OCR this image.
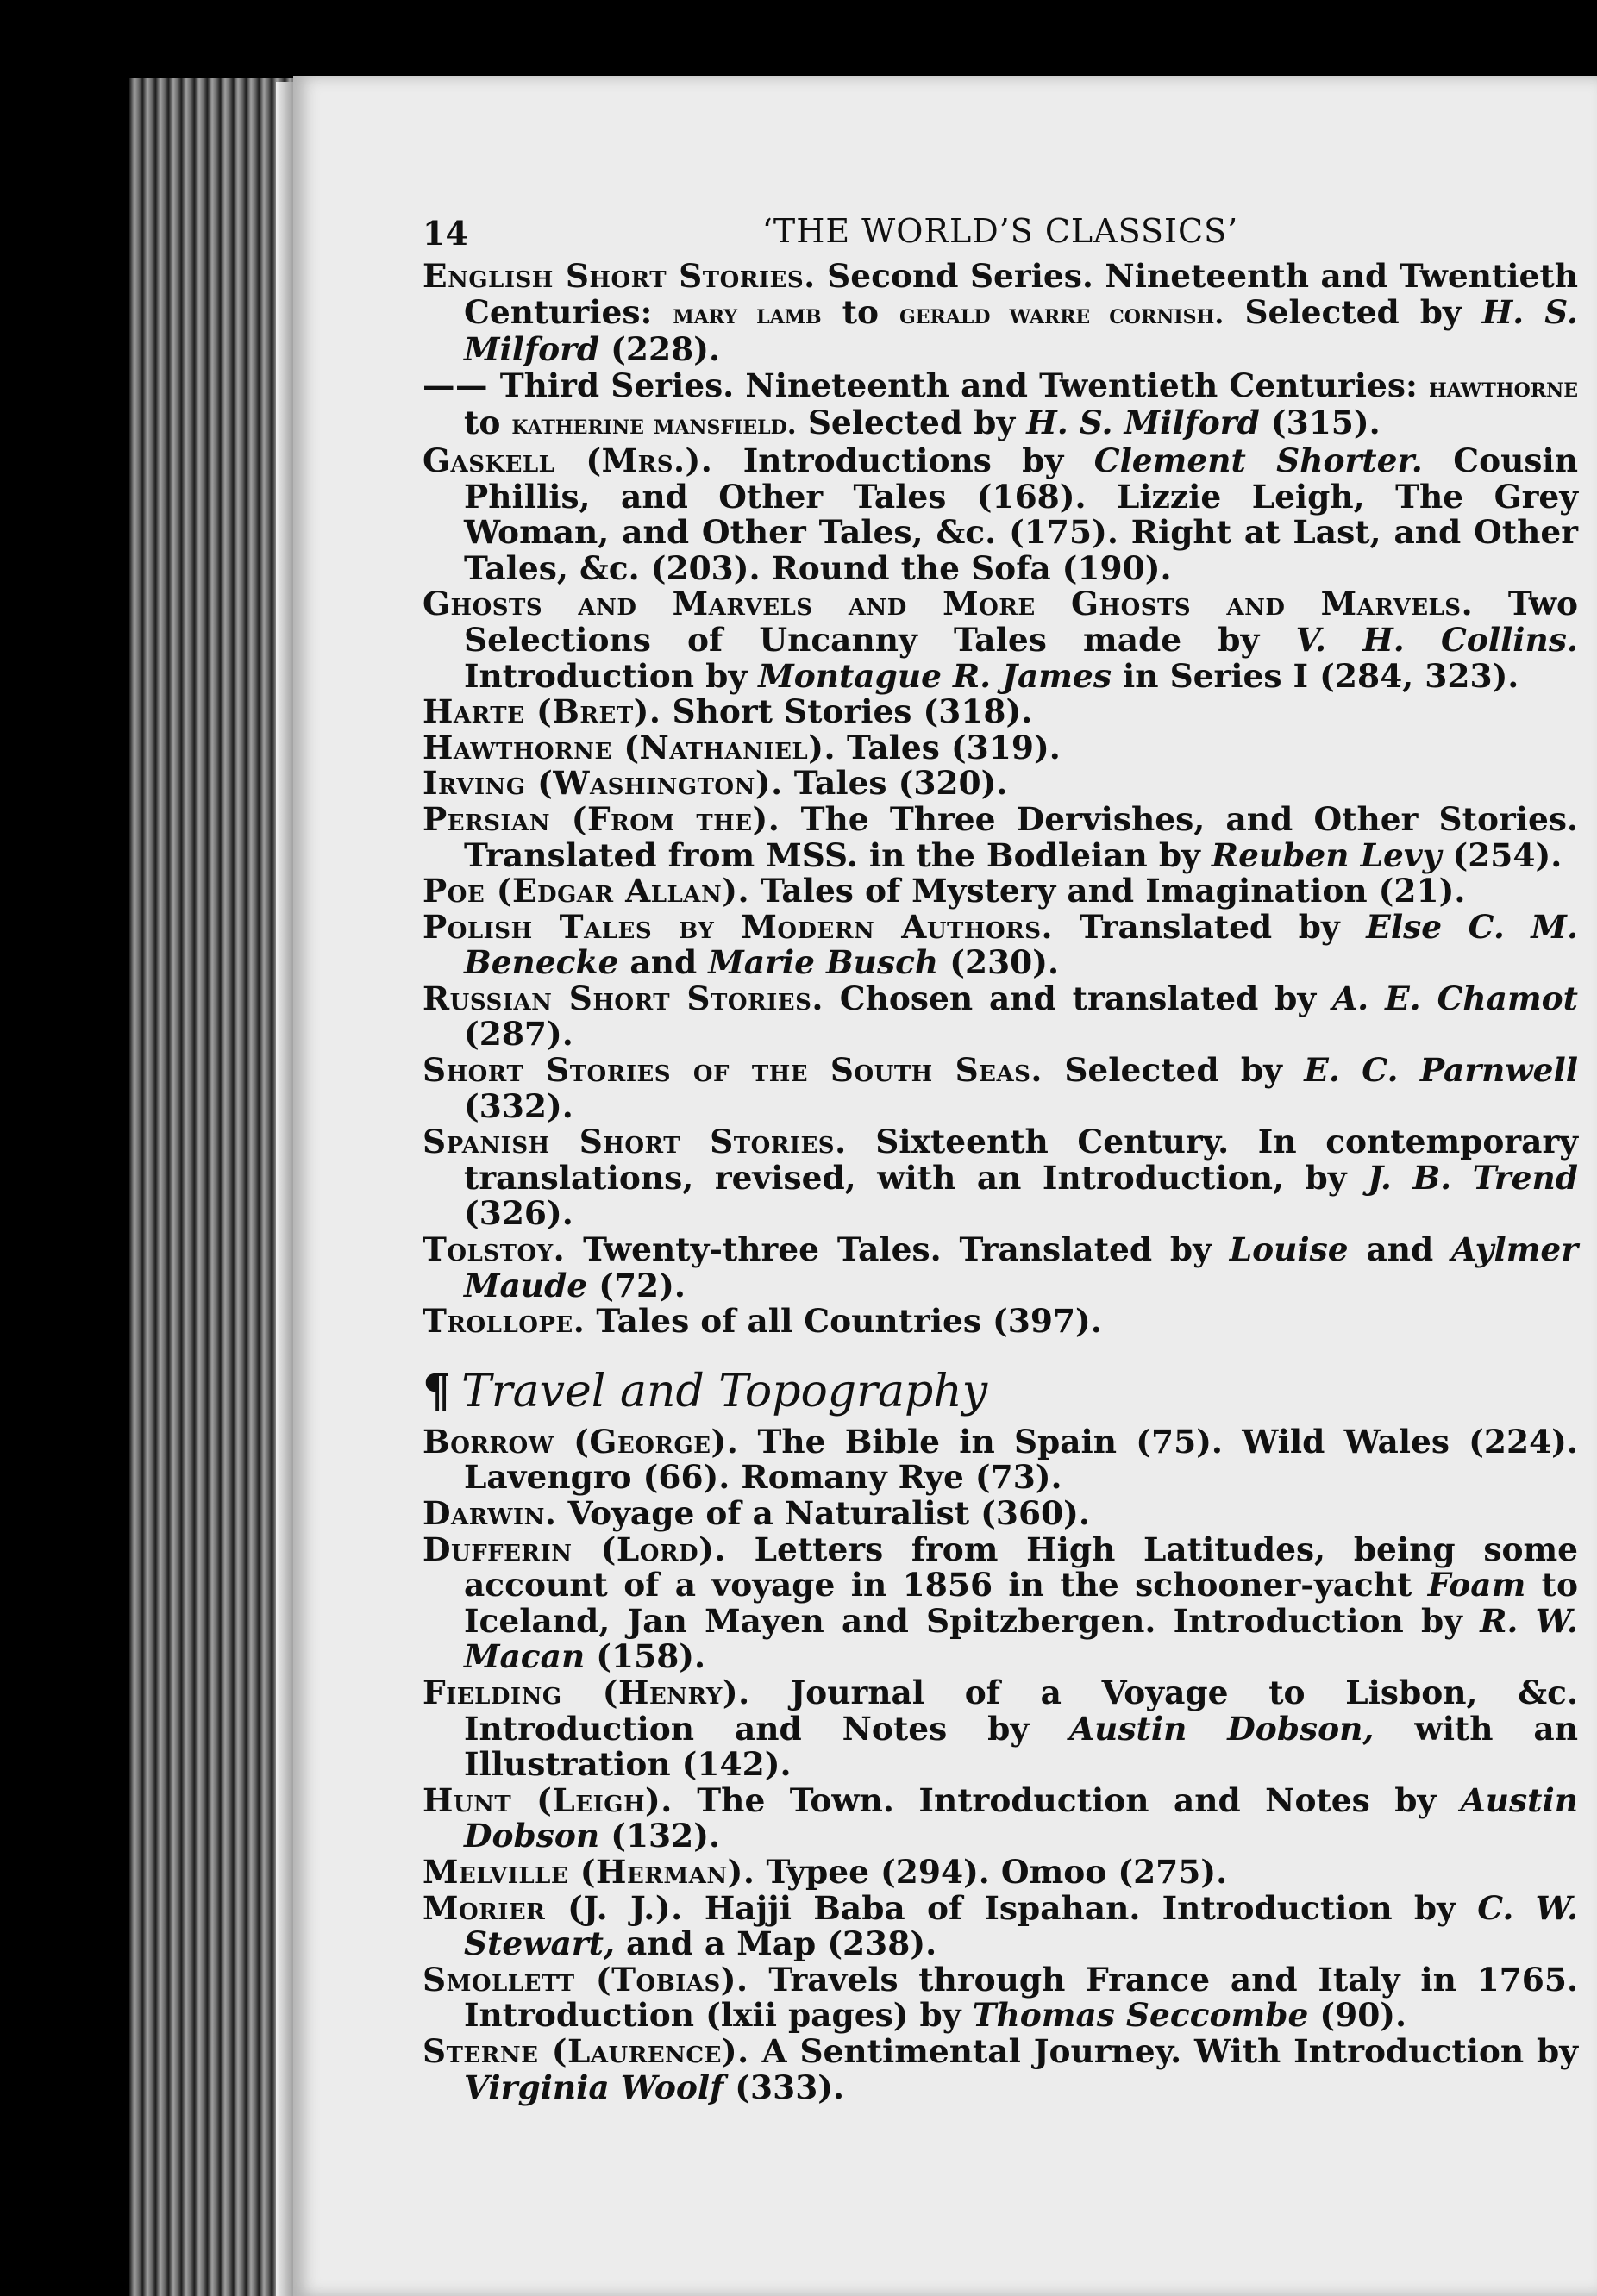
14	‘THE WORLD’S CLASSICS’

English Short Stories. Second Series. Nineteenth and Twentieth Centuries: mary lamb to gerald warre cornish. Selected by H. S. Milford (228).

—— Third Series. Nineteenth and Twentieth Centuries: hawthorne to katherine mansfield. Selected by H. S. Milford (315).

Gaskell (Mrs.). Introductions by Clement Shorter. Cousin Phillis, and Other Tales (168). Lizzie Leigh, The Grey Woman, and Other Tales, &c. (175). Right at Last, and Other Tales, &c. (203). Round the Sofa (190).

Ghosts and Marvels and More Ghosts and Marvels. Two Selections of Uncanny Tales made by V. H. Collins. Introduction by Montague R. James in Series I (284, 323).

Harte (Bret). Short Stories (318).

Hawthorne (Nathaniel). Tales (319).

Irving (Washington). Tales (320).

Persian (From the). The Three Dervishes, and Other Stories. Translated from MSS. in the Bodleian by Reuben Levy (254).

Poe (Edgar Allan). Tales of Mystery and Imagination (21).

Polish Tales by Modern Authors. Translated by Else C. M. Benecke and Marie Busch (230).

Russian Short Stories. Chosen and translated by A. E. Chamot (287).

Short Stories of the South Seas. Selected by E. C. Parnwell (332).

Spanish Short Stories. Sixteenth Century. In contemporary translations, revised, with an Introduction, by J. B. Trend (326).

Tolstoy. Twenty-three Tales. Translated by Louise and Aylmer Maude (72).

Trollope. Tales of all Countries (397).

¶ Travel and Topography

Borrow (George). The Bible in Spain (75). Wild Wales (224). Lavengro (66). Romany Rye (73).

Darwin. Voyage of a Naturalist (360).

Dufferin (Lord). Letters from High Latitudes, being some account of a voyage in 1856 in the schooner-yacht Foam to Iceland, Jan Mayen and Spitzbergen. Introduction by R. W. Macan (158).

Fielding (Henry). Journal of a Voyage to Lisbon, &c. Introduction and Notes by Austin Dobson, with an Illustration (142).

Hunt (Leigh). The Town. Introduction and Notes by Austin Dobson (132).

Melville (Herman). Typee (294). Omoo (275).

Morier (J. J.). Hajji Baba of Ispahan. Introduction by C. W. Stewart, and a Map (238).

Smollett (Tobias). Travels through France and Italy in 1765. Introduction (lxii pages) by Thomas Seccombe (90).

Sterne (Laurence). A Sentimental Journey. With Introduction by Virginia Woolf (333).
